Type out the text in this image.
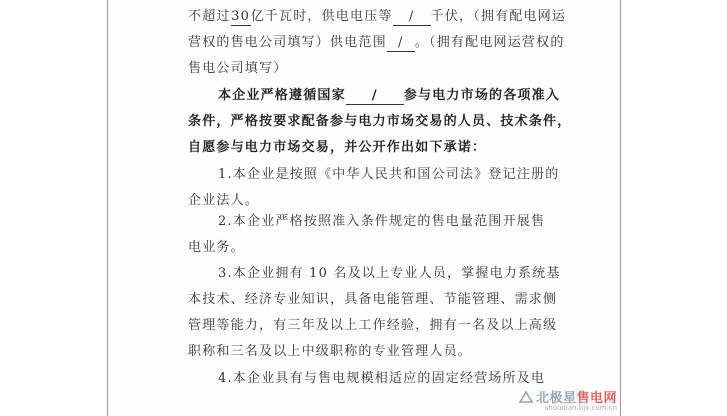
不超过30亿千瓦时，供电电压等 / 千伏，（拥有配电网运
营权的售电公司填写）供电范围 / 。（拥有配电网运营权的
售电公司填写）
本企业严格遵循国家 / 参与电力市场的各项准入
条件，严格按要求配备参与电力市场交易的人员、技术条件，
自愿参与电力市场交易，并公开作出如下承诺：
1.本企业是按照《中华人民共和国公司法》登记注册的
企业法人。
2.本企业严格按照准入条件规定的售电量范围开展售
电业务。
3.本企业拥有 10 名及以上专业人员，掌握电力系统基
本技术、经济专业知识，具备电能管理、节能管理、需求侧
管理等能力，有三年及以上工作经验，拥有一名及以上高级
职称和三名及以上中级职称的专业管理人员。
4.本企业具有与售电规模相适应的固定经营场所及电
北极星售电网
shoudian.bjx.com.cn
